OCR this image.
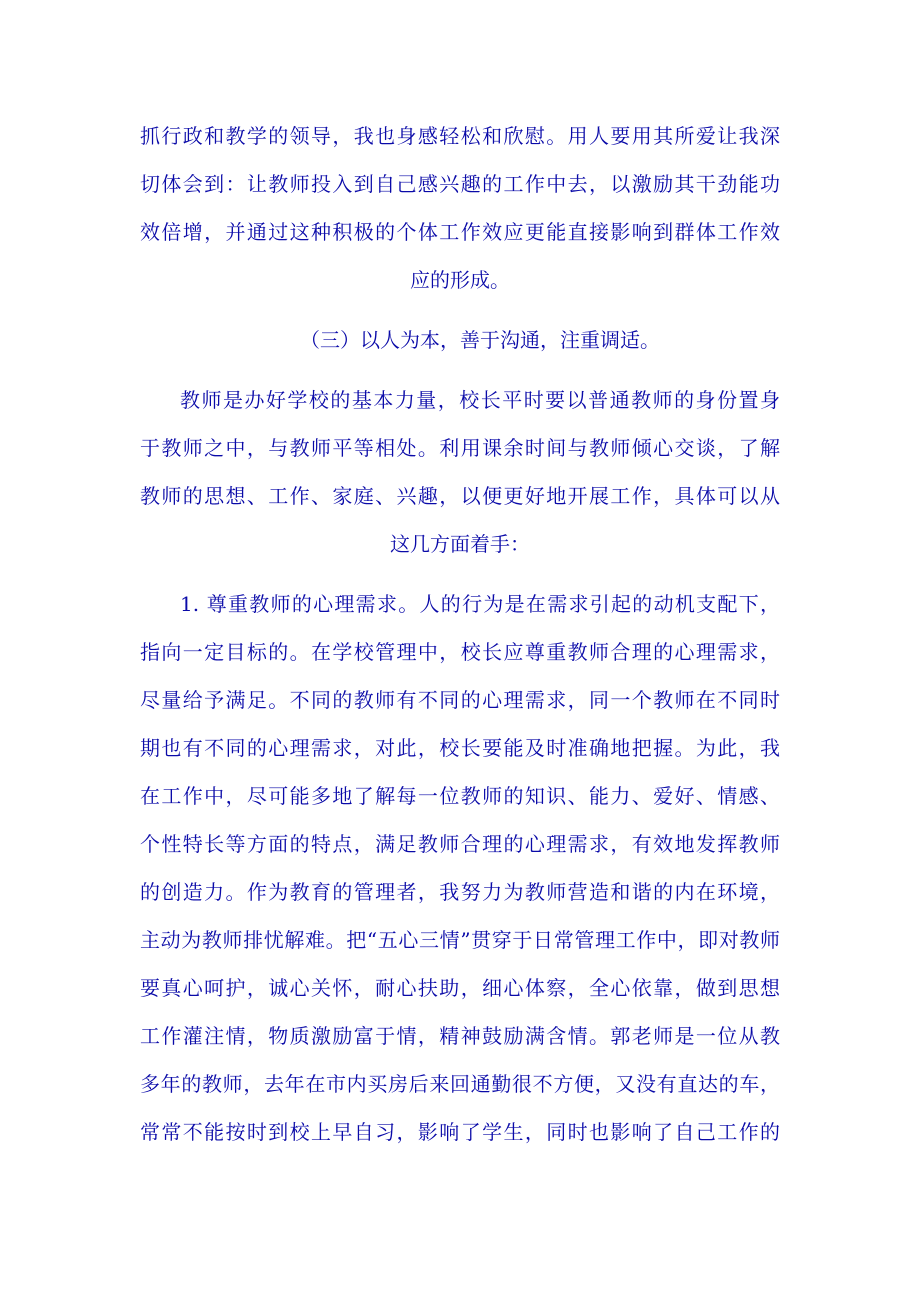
抓行政和教学的领导，我也身感轻松和欣慰。用人要用其所爱让我深
切体会到：让教师投入到自己感兴趣的工作中去，以激励其干劲能功
效倍增，并通过这种积极的个体工作效应更能直接影响到群体工作效
应的形成。
（三）以人为本，善于沟通，注重调适。
教师是办好学校的基本力量，校长平时要以普通教师的身份置身
于教师之中，与教师平等相处。利用课余时间与教师倾心交谈，了解
教师的思想、工作、家庭、兴趣，以便更好地开展工作，具体可以从
这几方面着手：
1. 尊重教师的心理需求。人的行为是在需求引起的动机支配下，
指向一定目标的。在学校管理中，校长应尊重教师合理的心理需求，
尽量给予满足。不同的教师有不同的心理需求，同一个教师在不同时
期也有不同的心理需求，对此，校长要能及时准确地把握。为此，我
在工作中，尽可能多地了解每一位教师的知识、能力、爱好、情感、
个性特长等方面的特点，满足教师合理的心理需求，有效地发挥教师
的创造力。作为教育的管理者，我努力为教师营造和谐的内在环境，
主动为教师排忧解难。把“五心三情”贯穿于日常管理工作中，即对教师
要真心呵护，诚心关怀，耐心扶助，细心体察，全心依靠，做到思想
工作灌注情，物质激励富于情，精神鼓励满含情。郭老师是一位从教
多年的教师，去年在市内买房后来回通勤很不方便，又没有直达的车，
常常不能按时到校上早自习，影响了学生，同时也影响了自己工作的
